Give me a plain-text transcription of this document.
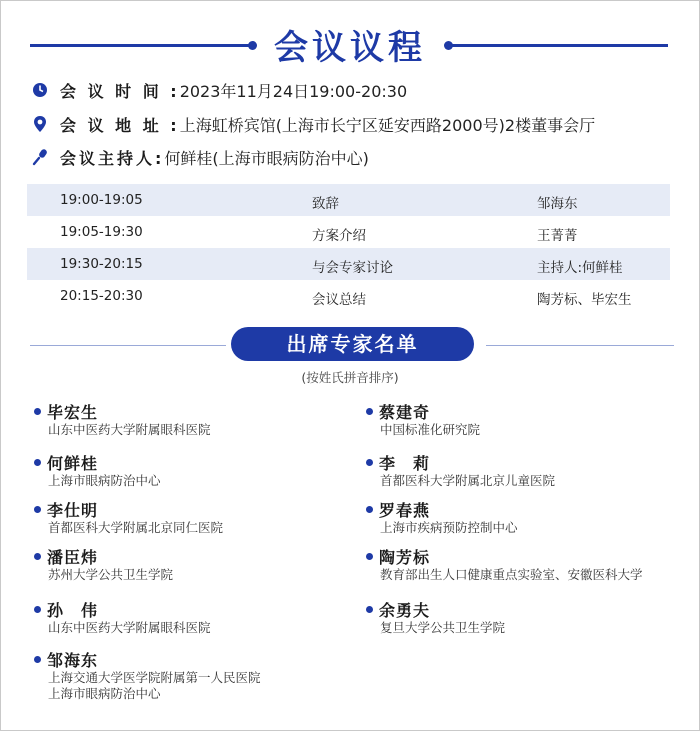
会议议程
会 议 时 间 : 2023年11月24日19:00-20:30
会 议 地 址 : 上海虹桥宾馆(上海市长宁区延安西路2000号)2楼董事会厅
会议主持人: 何鲜桂(上海市眼病防治中心)
19:00-19:05	致辞	邹海东
19:05-19:30	方案介绍	王菁菁
19:30-20:15	与会专家讨论	主持人:何鲜桂
20:15-20:30	会议总结	陶芳标、毕宏生
出席专家名单
(按姓氏拼音排序)
毕宏生
山东中医药大学附属眼科医院
何鲜桂
上海市眼病防治中心
李仕明
首都医科大学附属北京同仁医院
潘臣炜
苏州大学公共卫生学院
孙　伟
山东中医药大学附属眼科医院
邹海东
上海交通大学医学院附属第一人民医院
上海市眼病防治中心
蔡建奇
中国标准化研究院
李　莉
首都医科大学附属北京儿童医院
罗春燕
上海市疾病预防控制中心
陶芳标
教育部出生人口健康重点实验室、安徽医科大学
余勇夫
复旦大学公共卫生学院
